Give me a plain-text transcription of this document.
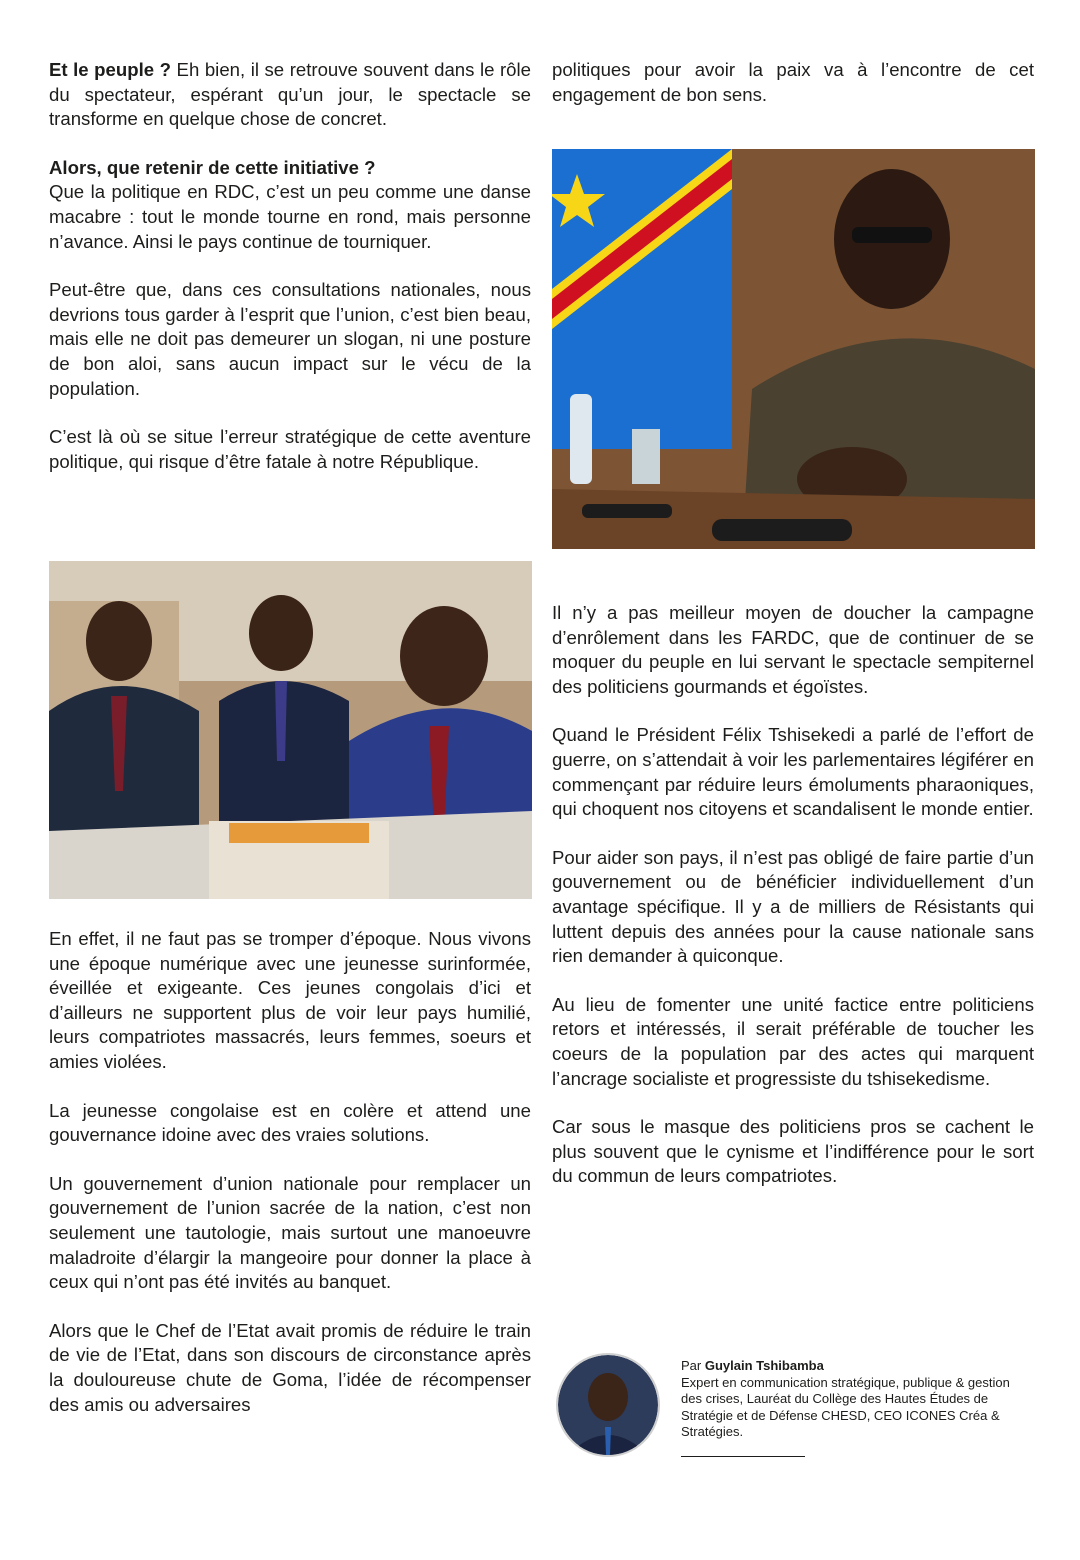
Et le peuple ? Eh bien, il se retrouve souvent dans le rôle du spectateur, espérant qu’un jour, le spectacle se transforme en quelque chose de concret.

Alors, que retenir de cette initiative ?

Que la politique en RDC, c’est un peu comme une danse macabre : tout le monde tourne en rond, mais personne n’avance. Ainsi le pays continue de tourniquer.

Peut-être que, dans ces consultations nationales, nous devrions tous garder à l’esprit que l’union, c’est bien beau, mais elle ne doit pas demeurer un slogan, ni une posture de bon aloi, sans aucun impact sur le vécu de la population.

C’est là où se situe l’erreur stratégique de cette aventure politique, qui risque d’être fatale à notre République.

En effet, il ne faut pas se tromper d’époque. Nous vivons une époque numérique avec une jeunesse surinformée, éveillée et exigeante. Ces jeunes congolais d’ici et d’ailleurs ne supportent plus de voir leur pays humilié, leurs compatriotes massacrés, leurs femmes, soeurs et amies violées.

La jeunesse congolaise est en colère et attend une gouvernance idoine avec des vraies solutions.

Un gouvernement d’union nationale pour remplacer un gouvernement de l’union sacrée de la nation, c’est non seulement une tautologie, mais surtout une manoeuvre maladroite d’élargir la mangeoire pour donner la place à ceux qui n’ont pas été invités au banquet.

Alors que le Chef de l’Etat avait promis de réduire le train de vie de l’Etat, dans son discours de circonstance après la douloureuse chute de Goma, l’idée de récompenser des amis ou adversaires

politiques pour avoir la paix va à l’encontre de cet engagement de bon sens.

Il n’y a pas meilleur moyen de doucher la campagne d’enrôlement dans les FARDC, que de continuer de se moquer du peuple en lui servant le spectacle sempiternel des politiciens gourmands et égoïstes.

Quand le Président Félix Tshisekedi a parlé de l’effort de guerre, on s’attendait à voir les parlementaires légiférer en commençant par réduire leurs émoluments pharaoniques, qui choquent nos citoyens et scandalisent le monde entier.

Pour aider son pays, il n’est pas obligé de faire partie d’un gouvernement ou de bénéficier individuellement d’un avantage spécifique. Il y a de milliers de Résistants qui luttent depuis des années pour la cause nationale sans rien demander à quiconque.

Au lieu de fomenter une unité factice entre politiciens retors et intéressés, il serait préférable de toucher les coeurs de la population par des actes qui marquent l’ancrage socialiste et progressiste du tshisekedisme.

Car sous le masque des politiciens pros se cachent le plus souvent que le cynisme et l’indifférence pour le sort du commun de leurs compatriotes.

Par Guylain Tshibamba

Expert en communication stratégique, publique & gestion des crises, Lauréat du Collège des Hautes Études de Stratégie et de Défense CHESD, CEO ICONES Créa & Stratégies.
